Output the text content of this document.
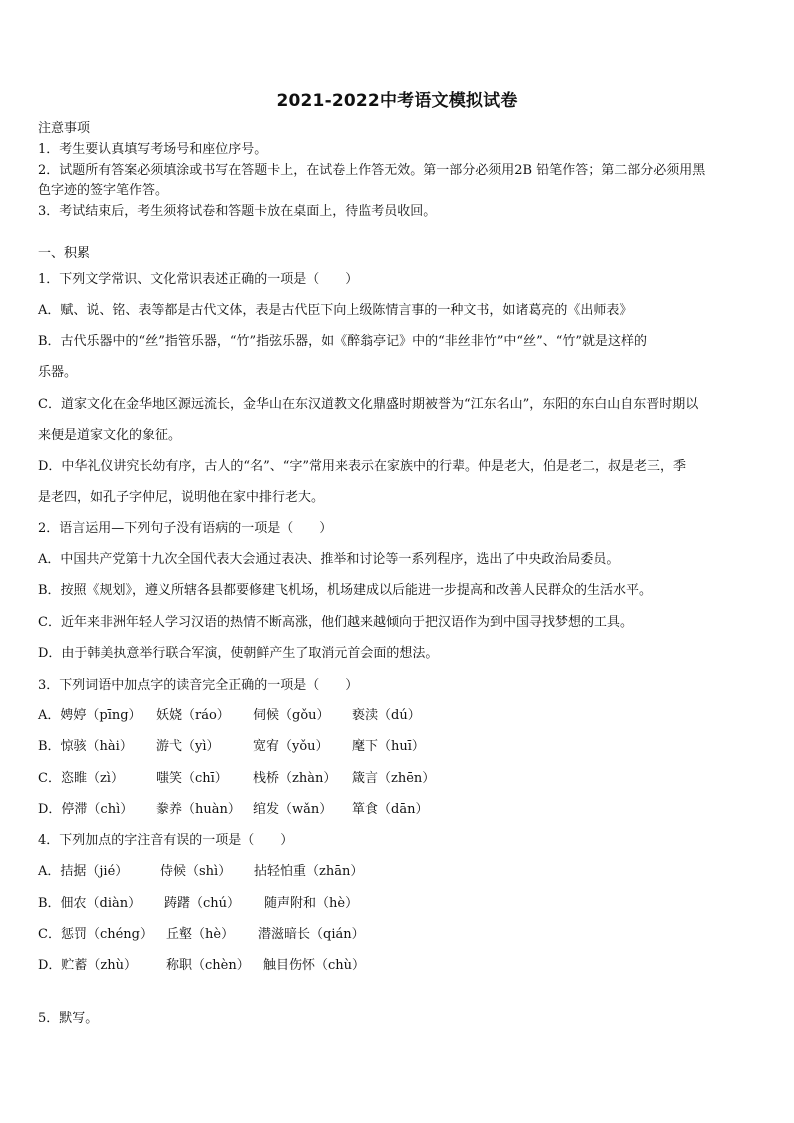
2021-2022中考语文模拟试卷
注意事项
1．考生要认真填写考场号和座位序号。
2．试题所有答案必须填涂或书写在答题卡上，在试卷上作答无效。第一部分必须用2B 铅笔作答；第二部分必须用黑
色字迹的签字笔作答。
3．考试结束后，考生须将试卷和答题卡放在桌面上，待监考员收回。
一、积累
1．下列文学常识、文化常识表述正确的一项是（　　）
A．赋、说、铭、表等都是古代文体，表是古代臣下向上级陈情言事的一种文书，如诸葛亮的《出师表》
B．古代乐器中的“丝”指管乐器，“竹”指弦乐器，如《醉翁亭记》中的“非丝非竹”中“丝”、“竹”就是这样的
乐器。
C．道家文化在金华地区源远流长，金华山在东汉道教文化鼎盛时期被誉为“江东名山”，东阳的东白山自东晋时期以
来便是道家文化的象征。
D．中华礼仪讲究长幼有序，古人的“名”、“字”常用来表示在家族中的行辈。仲是老大，伯是老二，叔是老三，季
是老四，如孔子字仲尼，说明他在家中排行老大。
2．语言运用—下列句子没有语病的一项是（　　）
A．中国共产党第十九次全国代表大会通过表决、推举和讨论等一系列程序，选出了中央政治局委员。
B．按照《规划》，遵义所辖各县都要修建飞机场，机场建成以后能进一步提高和改善人民群众的生活水平。
C．近年来非洲年轻人学习汉语的热情不断高涨，他们越来越倾向于把汉语作为到中国寻找梦想的工具。
D．由于韩美执意举行联合军演，使朝鲜产生了取消元首会面的想法。
3．下列词语中加点字的读音完全正确的一项是（　　）
A．娉婷（pīng） 妖娆（ráo） 伺候（gǒu） 亵渎（dú）
B．惊骇（hài） 游弋（yì）	宽宥（yǒu） 麾下（huī）
C．恣睢（zì） 嗤笑（chī） 栈桥（zhàn） 箴言（zhēn）
D．停滞（chì） 豢养（huàn） 绾发（wǎn） 箪食（dān）
4．下列加点的字注音有误的一项是（　　）
A．拮据（jié） 侍候（shì） 拈轻怕重（zhān）
B．佃农（diàn） 踌躇（chú） 随声附和（hè）
C．惩罚（chéng） 丘壑（hè） 潜滋暗长（qián）
D．贮蓄（zhù） 称职（chèn） 触目伤怀（chù）
5．默写。
